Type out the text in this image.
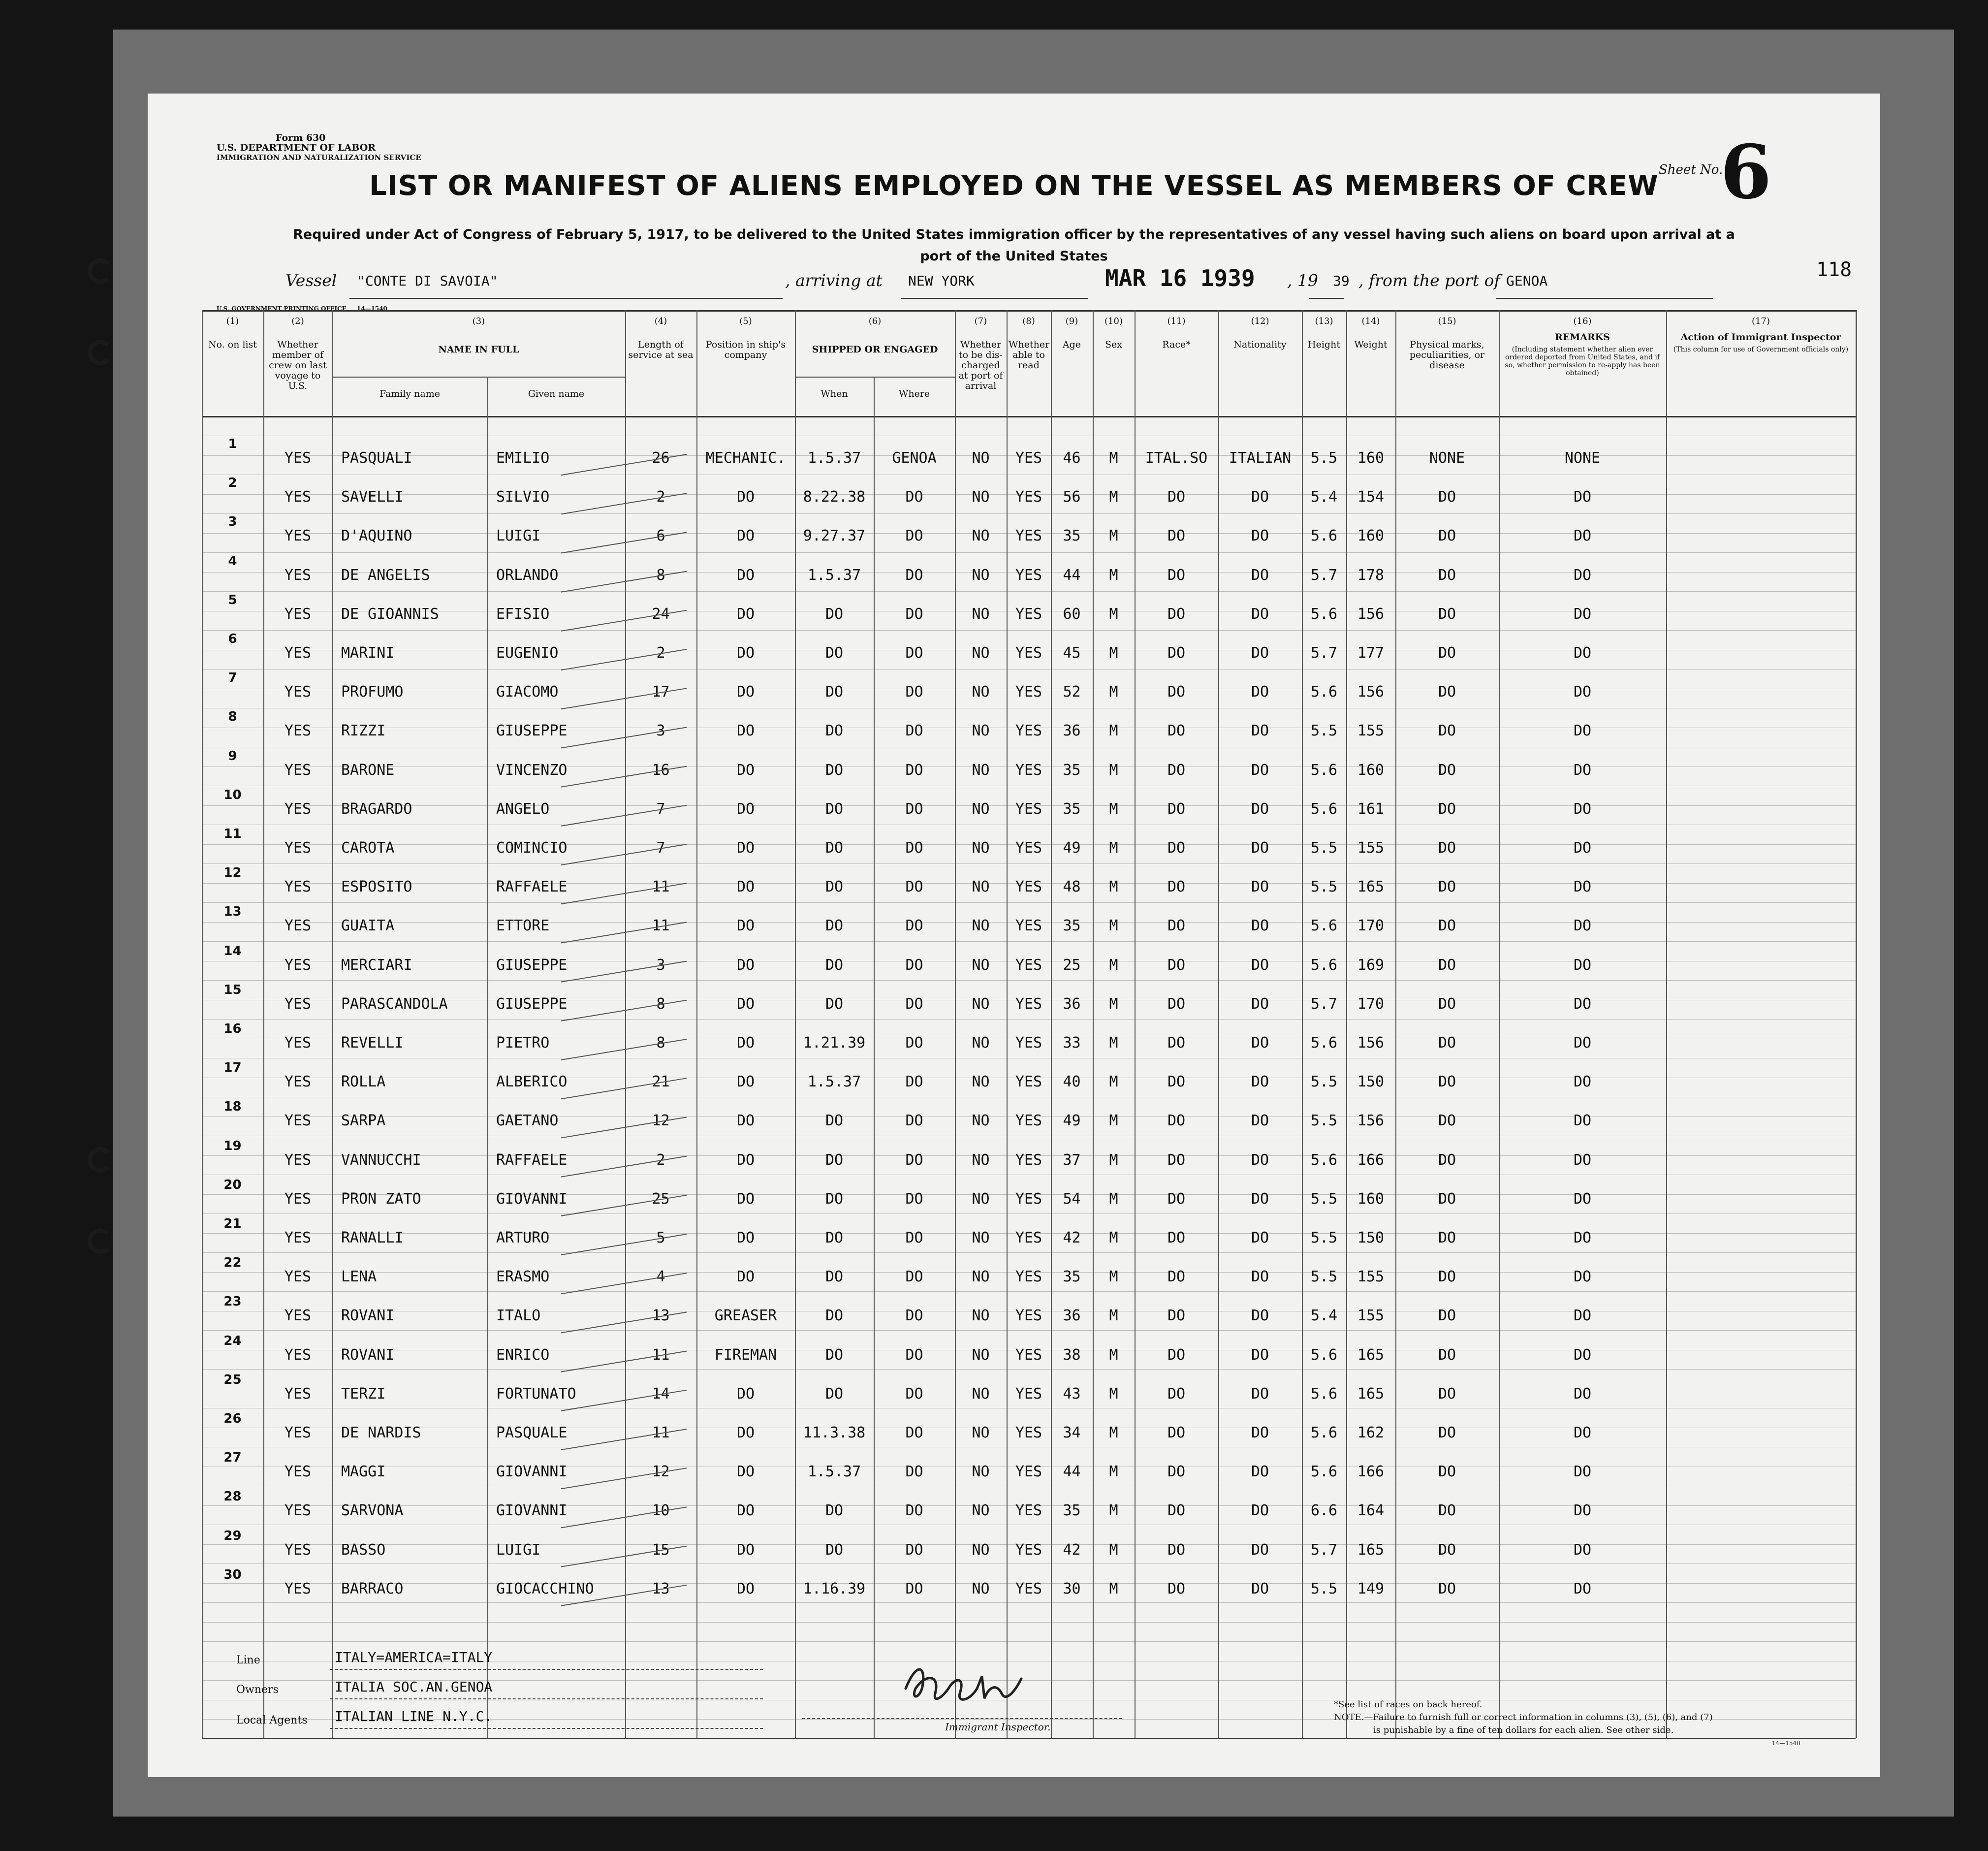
Form 630
U.S. DEPARTMENT OF LABOR
IMMIGRATION AND NATURALIZATION SERVICE
Sheet No.
6
118
LIST OR MANIFEST OF ALIENS EMPLOYED ON THE VESSEL AS MEMBERS OF CREW
Required under Act of Congress of February 5, 1917, to be delivered to the United States immigration officer by the representatives of any vessel having such aliens on board upon arrival at a
port of the United States
Vessel "CONTE DI SAVOIA"	, arriving at NEW YORK	MAR 16 1939 , 19 39 , from the port of GENOA
U.S. GOVERNMENT PRINTING OFFICE 14—1540
(1)
No. on list
(2)
Whether member of crew on last voyage to U.S.
(3)
NAME IN FULL
Family name	Given name
(4)
Length of service at sea
(5)
Position in ship's company
(6)
SHIPPED OR ENGAGED
When	Where
(7)
Whether to be dis-charged at port of arrival
(8)
Whether able to read
(9)
Age
(10)
Sex
(11)
Race*
(12)
Nationality
(13)
Height
(14)
Weight
(15)
Physical marks, peculiarities, or disease
(16)
REMARKS
(Including statement whether alien ever ordered deported from United States, and if so, whether permission to re-apply has been obtained)
(17)
Action of Immigrant Inspector
(This column for use of Government officials only)
1
YES	PASQUALI	EMILIO	26	MECHANIC.	1.5.37	GENOA	NO	YES	46	M	ITAL.SO	ITALIAN	5.5	160	NONE	NONE
2
YES	SAVELLI	SILVIO	2	DO	8.22.38	DO	NO	YES	56	M	DO	DO	5.4	154	DO	DO
3
YES	D'AQUINO	LUIGI	6	DO	9.27.37	DO	NO	YES	35	M	DO	DO	5.6	160	DO	DO
4
YES	DE ANGELIS	ORLANDO	8	DO	1.5.37	DO	NO	YES	44	M	DO	DO	5.7	178	DO	DO
5
YES	DE GIOANNIS	EFISIO	24	DO	DO	DO	NO	YES	60	M	DO	DO	5.6	156	DO	DO
6
YES	MARINI	EUGENIO	2	DO	DO	DO	NO	YES	45	M	DO	DO	5.7	177	DO	DO
7
YES	PROFUMO	GIACOMO	17	DO	DO	DO	NO	YES	52	M	DO	DO	5.6	156	DO	DO
8
YES	RIZZI	GIUSEPPE	3	DO	DO	DO	NO	YES	36	M	DO	DO	5.5	155	DO	DO
9
YES	BARONE	VINCENZO	16	DO	DO	DO	NO	YES	35	M	DO	DO	5.6	160	DO	DO
10
YES	BRAGARDO	ANGELO	7	DO	DO	DO	NO	YES	35	M	DO	DO	5.6	161	DO	DO
11
YES	CAROTA	COMINCIO	7	DO	DO	DO	NO	YES	49	M	DO	DO	5.5	155	DO	DO
12
YES	ESPOSITO	RAFFAELE	11	DO	DO	DO	NO	YES	48	M	DO	DO	5.5	165	DO	DO
13
YES	GUAITA	ETTORE	11	DO	DO	DO	NO	YES	35	M	DO	DO	5.6	170	DO	DO
14
YES	MERCIARI	GIUSEPPE	3	DO	DO	DO	NO	YES	25	M	DO	DO	5.6	169	DO	DO
15
YES	PARASCANDOLA	GIUSEPPE	8	DO	DO	DO	NO	YES	36	M	DO	DO	5.7	170	DO	DO
16
YES	REVELLI	PIETRO	8	DO	1.21.39	DO	NO	YES	33	M	DO	DO	5.6	156	DO	DO
17
YES	ROLLA	ALBERICO	21	DO	1.5.37	DO	NO	YES	40	M	DO	DO	5.5	150	DO	DO
18
YES	SARPA	GAETANO	12	DO	DO	DO	NO	YES	49	M	DO	DO	5.5	156	DO	DO
19
YES	VANNUCCHI	RAFFAELE	2	DO	DO	DO	NO	YES	37	M	DO	DO	5.6	166	DO	DO
20
YES	PRON ZATO	GIOVANNI	25	DO	DO	DO	NO	YES	54	M	DO	DO	5.5	160	DO	DO
21
YES	RANALLI	ARTURO	5	DO	DO	DO	NO	YES	42	M	DO	DO	5.5	150	DO	DO
22
YES	LENA	ERASMO	4	DO	DO	DO	NO	YES	35	M	DO	DO	5.5	155	DO	DO
23
YES	ROVANI	ITALO	13	GREASER	DO	DO	NO	YES	36	M	DO	DO	5.4	155	DO	DO
24
YES	ROVANI	ENRICO	11	FIREMAN	DO	DO	NO	YES	38	M	DO	DO	5.6	165	DO	DO
25
YES	TERZI	FORTUNATO	14	DO	DO	DO	NO	YES	43	M	DO	DO	5.6	165	DO	DO
26
YES	DE NARDIS	PASQUALE	11	DO	11.3.38	DO	NO	YES	34	M	DO	DO	5.6	162	DO	DO
27
YES	MAGGI	GIOVANNI	12	DO	1.5.37	DO	NO	YES	44	M	DO	DO	5.6	166	DO	DO
28
YES	SARVONA	GIOVANNI	10	DO	DO	DO	NO	YES	35	M	DO	DO	6.6	164	DO	DO
29
YES	BASSO	LUIGI	15	DO	DO	DO	NO	YES	42	M	DO	DO	5.7	165	DO	DO
30
YES	BARRACO	GIOCACCHINO	13	DO	1.16.39	DO	NO	YES	30	M	DO	DO	5.5	149	DO	DO
Line	ITALY=AMERICA=ITALY
Owners	ITALIA SOC.AN.GENOA
Local Agents ITALIAN LINE N.Y.C.
Immigrant Inspector.
*See list of races on back hereof.
NOTE.—Failure to furnish full or correct information in columns (3), (5), (6), and (7)
is punishable by a fine of ten dollars for each alien. See other side.
14—1540
